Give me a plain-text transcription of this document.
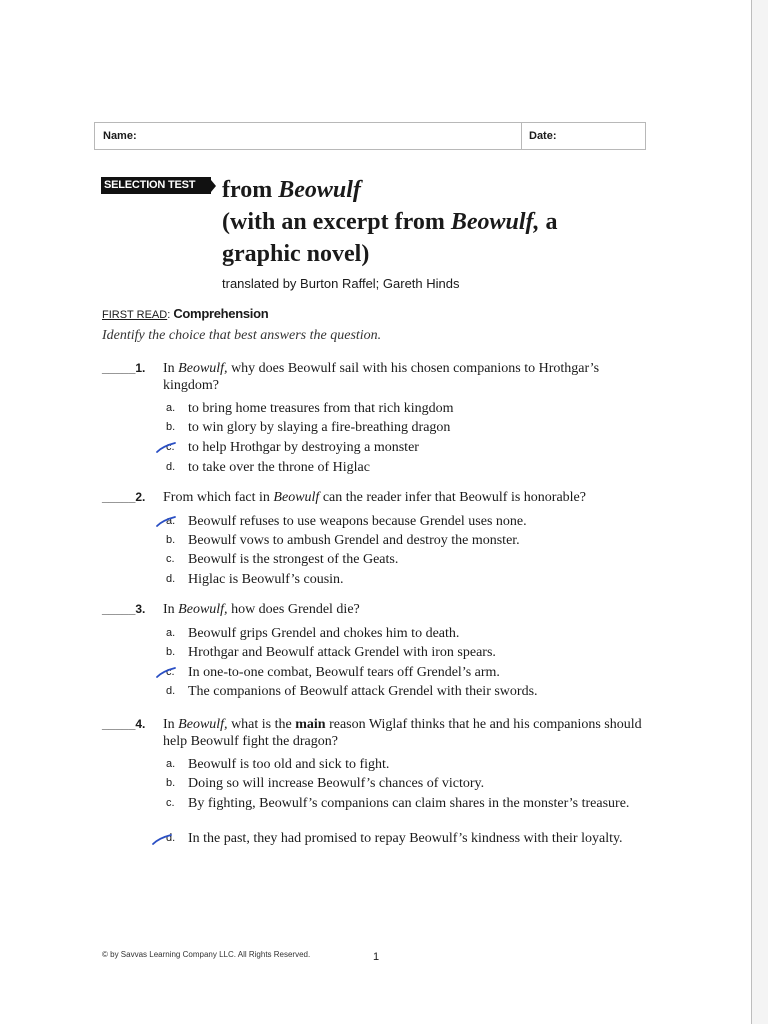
Name:	Date:
SELECTION TEST	from Beowulf
(with an excerpt from Beowulf, a
graphic novel)
translated by Burton Raffel; Gareth Hinds
FIRST READ: Comprehension
Identify the choice that best answers the question.
_____1. In Beowulf, why does Beowulf sail with his chosen companions to Hrothgar’s kingdom?
a. to bring home treasures from that rich kingdom
b. to win glory by slaying a fire-breathing dragon
c. to help Hrothgar by destroying a monster
d. to take over the throne of Higlac
_____2. From which fact in Beowulf can the reader infer that Beowulf is honorable?
a. Beowulf refuses to use weapons because Grendel uses none.
b. Beowulf vows to ambush Grendel and destroy the monster.
c. Beowulf is the strongest of the Geats.
d. Higlac is Beowulf’s cousin.
_____3. In Beowulf, how does Grendel die?
a. Beowulf grips Grendel and chokes him to death.
b. Hrothgar and Beowulf attack Grendel with iron spears.
c. In one-to-one combat, Beowulf tears off Grendel’s arm.
d. The companions of Beowulf attack Grendel with their swords.
_____4. In Beowulf, what is the main reason Wiglaf thinks that he and his companions should help Beowulf fight the dragon?
a. Beowulf is too old and sick to fight.
b. Doing so will increase Beowulf’s chances of victory.
c. By fighting, Beowulf’s companions can claim shares in the monster’s treasure.
d. In the past, they had promised to repay Beowulf’s kindness with their loyalty.
© by Savvas Learning Company LLC. All Rights Reserved.	1
